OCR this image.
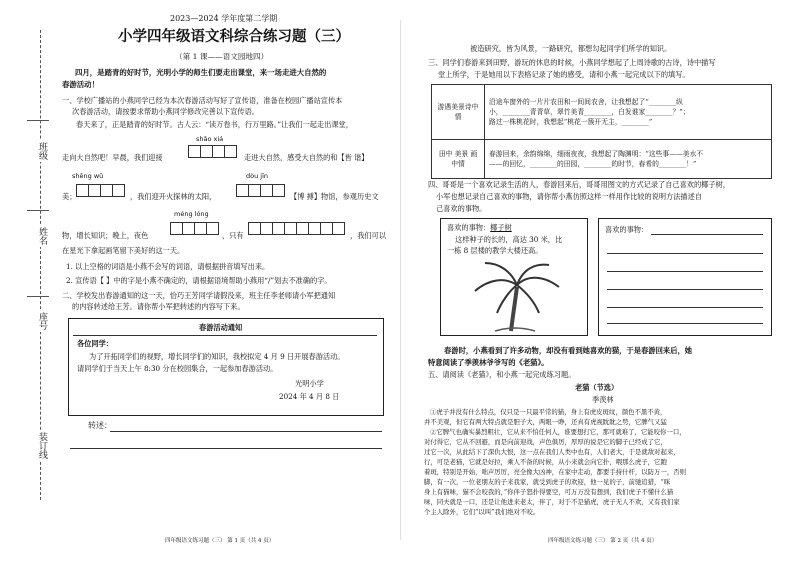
班级
姓名
座号
装订线
2023—2024 学年度第二学期
小学四年级语文科综合练习题（三）
（第 1 课——语文园地四）
四月，是踏青的好时节，光明小学的师生们要走出课堂，来一场走进大自然的
春游活动！
一、学校广播站的小燕同学已经为本次春游活动写好了宣传语，准备在校园广播站宣传本
次春游活动，请按要求帮助小燕同学修改完善以下宣传语。
春天来了，正是踏青的好时节。古人云：“读万卷书，行万里路。”让我们一起走出课堂，
shǎo xiá
走向大自然吧！早晨，我们迎接	走进大自然，感受大自然的和【皆 谐】
shēng wǔ	dòu jīn
美；	，我们迎开火探林的太阳，	【博 搏】物馆，参观历史文
méng lóng
物，增长知识；晚上，夜色	，只有	，我们可以
在星光下拿起画笔留下美好的这一天。
1. 以上空格的词语是小燕不会写的词语，请根据拼音填写出来。
2. 宣传语【 】中的字是小燕不确定的，请根据语境帮助小燕用“/”划去不准确的字。
二、学校发出春游通知的这一天，恰巧王芳同学请假没来，班主任李老师请小军把通知
的内容转述给王芳。请你帮小军把转述的内容写下来。
春游活动通知
各位同学：
为了开拓同学们的视野，增长同学们的知识，我校拟定 4 月 9 日开展春游活动。
请同学们于当天上午 8:30 分在校园集合，一起参加春游活动。
光明小学
2024 年 4 月 8 日
转述：
四年级语文练习题（三） 第 1 页（共 4 页）
被造研究，皆为风景，一路研究，都想勾起同学们所学的知识。
三、同学们春游来到田野，游玩的休息的时候，小燕同学想起了上周诗歌的古诗，诗中描写
堂上所学，于是她用以下表格记录了她的感受，请和小燕一起完成以下的填写。
游遇美景诗中情	沿途车窗外的一片片农田和一间间农舍，让我想起了“________纵
小，________青青草，翠竹美青________，白发谁家________？”；
路过一株桃花时，我想起“桃花一簇开无主，________”

田中 美景 画中情	春游回来，余韵绵绵，细雨夜夜，我想起了陶渊明：“这些事——美水不
——的回忆，________的田园，________的时节，春希的________！”
四、哥哥是一个喜欢记录生活的人，春游回来后，哥哥用图文的方式记录了自己喜欢的椰子树，
小军也想记录自己喜欢的事物，请你帮小燕仿照这样一样用作比较的说明方法描述自
己喜欢的事物。
喜欢的事物：椰子树
这样种子的长的，高达 30 米，比
一栋 8 层楼的教学大楼还高。
喜欢的事物：
春游时，小燕看到了许多动物，却没有看到她喜欢的猫，于是春游回来后，她
特意阅读了季羡林爷爷写的《老猫》。
五、请阅读《老猫》，和小燕一起完成练习题。
老猫（节选）
季羡林
①虎子并没有什么特点，仅只是一只最平常的猫，身上有虎皮斑纹，颜色不黑不黄，
并不美观，但它有两大特点就是胆子大，两眼一睁，还真有虎视眈眈之势，它脾气又猛
②它脾气也确实暴烈粗壮，它从来不怕任何人，谁要想打它，那可就难了，它能咬你一口，
对付得它，它从不回避，而是向前迎战，声色俱厉，厚厚的说是它的脚子已经成了它，
过它一次，从此结下了深仇大恨，这一点在我们人类中也有，人们老大，于是就敌对起来，
行，可是老猫，它就是好拉，乘人不备的时候，从小来就会向它扑，喂那么虎子，它跑
着斑，特别是开始，咄声厉厉，亮全像大凶神，在家中走动，都要手持什杆，以防万一，否则
脚，有一次，一位老朋友的子来我家，就受到虎子的欢迎，他一见的子，前驰追猎，“咪
身上有猫味，猫不会咬我的，”你伴子怒扑得要空，可万万没有想到，我们虎子不懂什么猫
味，同夫就是一口，还是让他进来老太，伴了，对于不是猫虎，虎子无人不欢，又有我们家
个主人除外，它们“以叫”我们绝对不咬。
四年级语文练习题（三） 第 2 页（共 4 页）
